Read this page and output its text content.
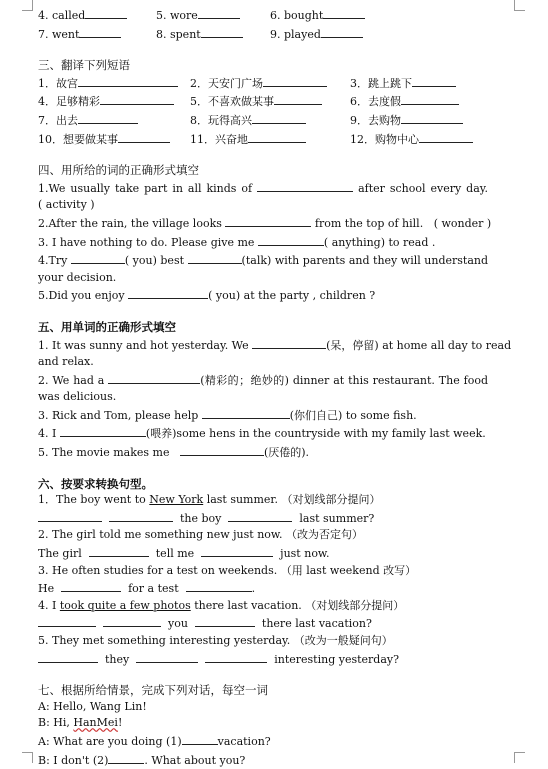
4. called	5. wore	6. bought
7. went	8. spent	9. played
三、翻译下列短语
1．故宫	2．天安门广场	3．跳上跳下
4．足够精彩	5．不喜欢做某事	6．去度假
7．出去	8．玩得高兴	9．去购物
10．想要做某事	11．兴奋地	12．购物中心
四、用所给的词的正确形式填空
1.We usually take part in all kinds of	after school every day.
( activity )
2.After the rain, the village looks	from the top of hill. ( wonder )
3. I have nothing to do. Please give me	( anything) to read .
4.Try	( you) best	(talk) with parents and they will understand
your decision.
5.Did you enjoy	( you) at the party , children ?
五、用单词的正确形式填空
1. It was sunny and hot yesterday. We	(呆，停留) at home all day to read
and relax.
2. We had a	(精彩的；绝妙的) dinner at this restaurant. The food
was delicious.
3. Rick and Tom, please help	(你们自己) to some fish.
4. I	(喂养)some hens in the countryside with my family last week.
5. The movie makes me	(厌倦的).
六、按要求转换句型。
1．The boy went to New York last summer. （对划线部分提问）
the boy	last summer?
2. The girl told me something new just now. （改为否定句）
The girl	tell me	just now.
3. He often studies for a test on weekends. （用 last weekend 改写）
He	for a test	.
4. I took quite a few photos there last vacation. （对划线部分提问）
you	there last vacation?
5. They met something interesting yesterday. （改为一般疑问句）
they	interesting yesterday?
七、根据所给情景，完成下列对话，每空一词
A: Hello, Wang Lin!
B: Hi, HanMei!
A: What are you doing (1)	vacation?
B: I don't (2)	. What about you?
